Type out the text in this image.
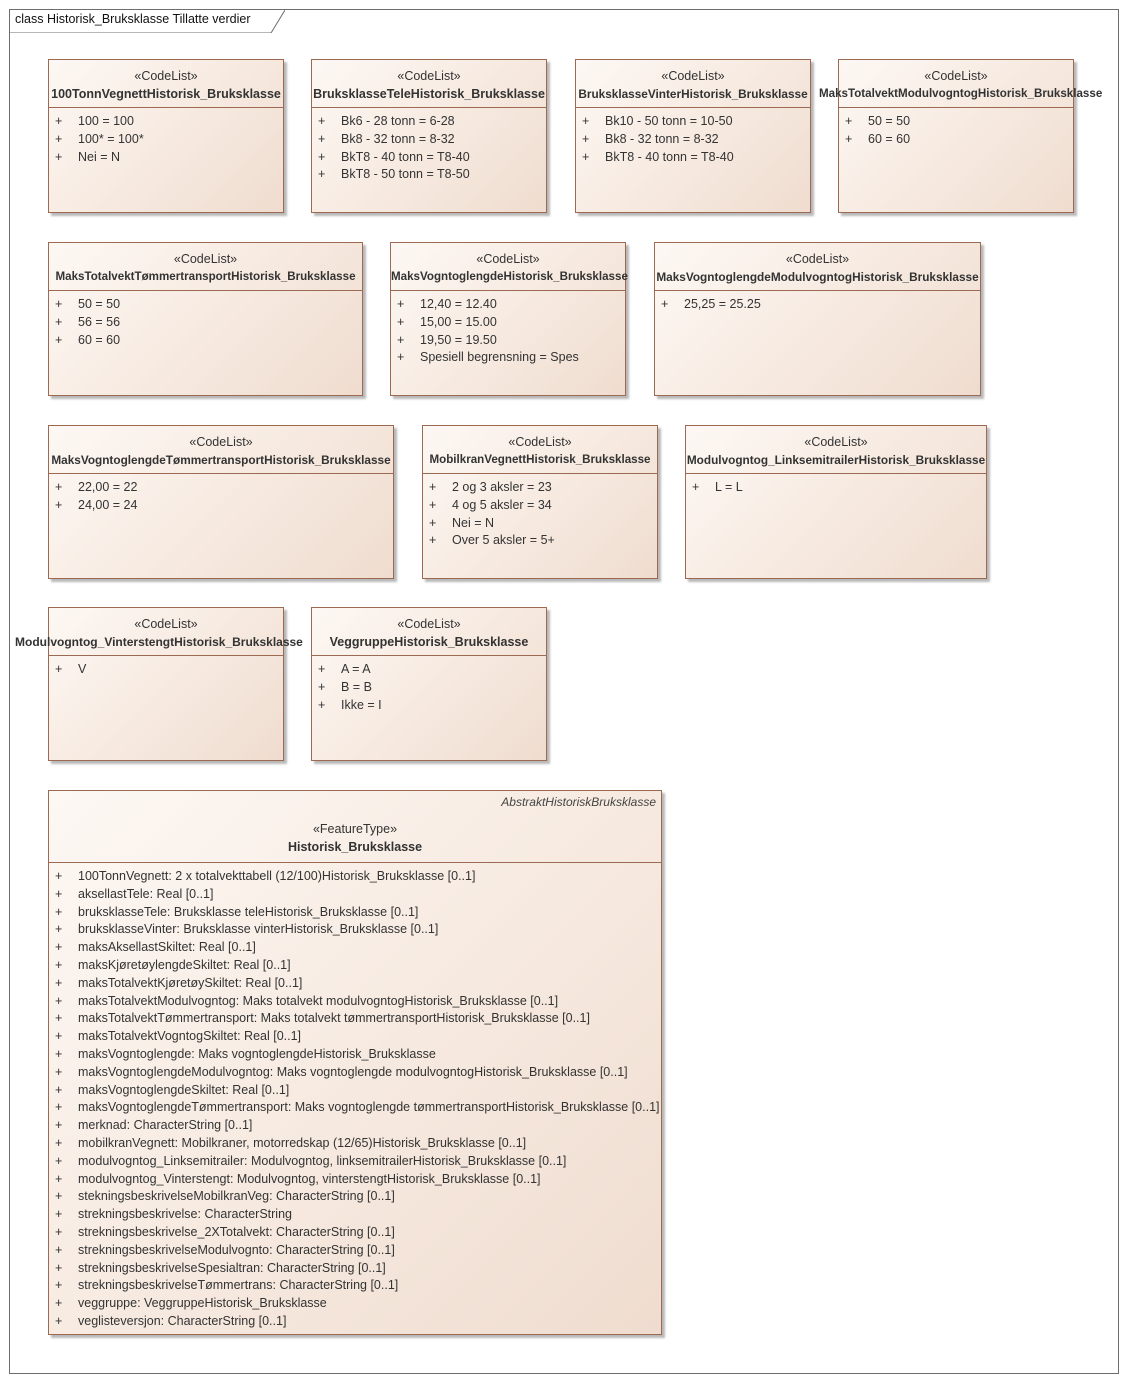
class Historisk_Bruksklasse Tillatte verdier
«CodeList»
100TonnVegnettHistorisk_Bruksklasse
+ 100 = 100
+ 100* = 100*
+ Nei = N
«CodeList»
BruksklasseTeleHistorisk_Bruksklasse
+ Bk6 - 28 tonn = 6-28
+ Bk8 - 32 tonn = 8-32
+ BkT8 - 40 tonn = T8-40
+ BkT8 - 50 tonn = T8-50
«CodeList»
BruksklasseVinterHistorisk_Bruksklasse
+ Bk10 - 50 tonn = 10-50
+ Bk8 - 32 tonn = 8-32
+ BkT8 - 40 tonn = T8-40
«CodeList»
MaksTotalvektModulvogntogHistorisk_Bruksklasse
+ 50 = 50
+ 60 = 60
«CodeList»
MaksTotalvektTømmertransportHistorisk_Bruksklasse
+ 50 = 50
+ 56 = 56
+ 60 = 60
«CodeList»
MaksVogntoglengdeHistorisk_Bruksklasse
+ 12,40 = 12.40
+ 15,00 = 15.00
+ 19,50 = 19.50
+ Spesiell begrensning = Spes
«CodeList»
MaksVogntoglengdeModulvogntogHistorisk_Bruksklasse
+ 25,25 = 25.25
«CodeList»
MaksVogntoglengdeTømmertransportHistorisk_Bruksklasse
+ 22,00 = 22
+ 24,00 = 24
«CodeList»
MobilkranVegnettHistorisk_Bruksklasse
+ 2 og 3 aksler = 23
+ 4 og 5 aksler = 34
+ Nei = N
+ Over 5 aksler = 5+
«CodeList»
Modulvogntog_LinksemitrailerHistorisk_Bruksklasse
+ L = L
«CodeList»
Modulvogntog_VinterstengtHistorisk_Bruksklasse
+ V
«CodeList»
VeggruppeHistorisk_Bruksklasse
+ A = A
+ B = B
+ Ikke = I
AbstraktHistoriskBruksklasse
«FeatureType»
Historisk_Bruksklasse
+ 100TonnVegnett: 2 x totalvekttabell (12/100)Historisk_Bruksklasse [0..1]
+ aksellastTele: Real [0..1]
+ bruksklasseTele: Bruksklasse teleHistorisk_Bruksklasse [0..1]
+ bruksklasseVinter: Bruksklasse vinterHistorisk_Bruksklasse [0..1]
+ maksAksellastSkiltet: Real [0..1]
+ maksKjøretøylengdeSkiltet: Real [0..1]
+ maksTotalvektKjøretøySkiltet: Real [0..1]
+ maksTotalvektModulvogntog: Maks totalvekt modulvogntogHistorisk_Bruksklasse [0..1]
+ maksTotalvektTømmertransport: Maks totalvekt tømmertransportHistorisk_Bruksklasse [0..1]
+ maksTotalvektVogntogSkiltet: Real [0..1]
+ maksVogntoglengde: Maks vogntoglengdeHistorisk_Bruksklasse
+ maksVogntoglengdeModulvogntog: Maks vogntoglengde modulvogntogHistorisk_Bruksklasse [0..1]
+ maksVogntoglengdeSkiltet: Real [0..1]
+ maksVogntoglengdeTømmertransport: Maks vogntoglengde tømmertransportHistorisk_Bruksklasse [0..1]
+ merknad: CharacterString [0..1]
+ mobilkranVegnett: Mobilkraner, motorredskap (12/65)Historisk_Bruksklasse [0..1]
+ modulvogntog_Linksemitrailer: Modulvogntog, linksemitrailerHistorisk_Bruksklasse [0..1]
+ modulvogntog_Vinterstengt: Modulvogntog, vinterstengtHistorisk_Bruksklasse [0..1]
+ stekningsbeskrivelseMobilkranVeg: CharacterString [0..1]
+ strekningsbeskrivelse: CharacterString
+ strekningsbeskrivelse_2XTotalvekt: CharacterString [0..1]
+ strekningsbeskrivelseModulvognto: CharacterString [0..1]
+ strekningsbeskrivelseSpesialtran: CharacterString [0..1]
+ strekningsbeskrivelseTømmertrans: CharacterString [0..1]
+ veggruppe: VeggruppeHistorisk_Bruksklasse
+ veglisteversjon: CharacterString [0..1]
